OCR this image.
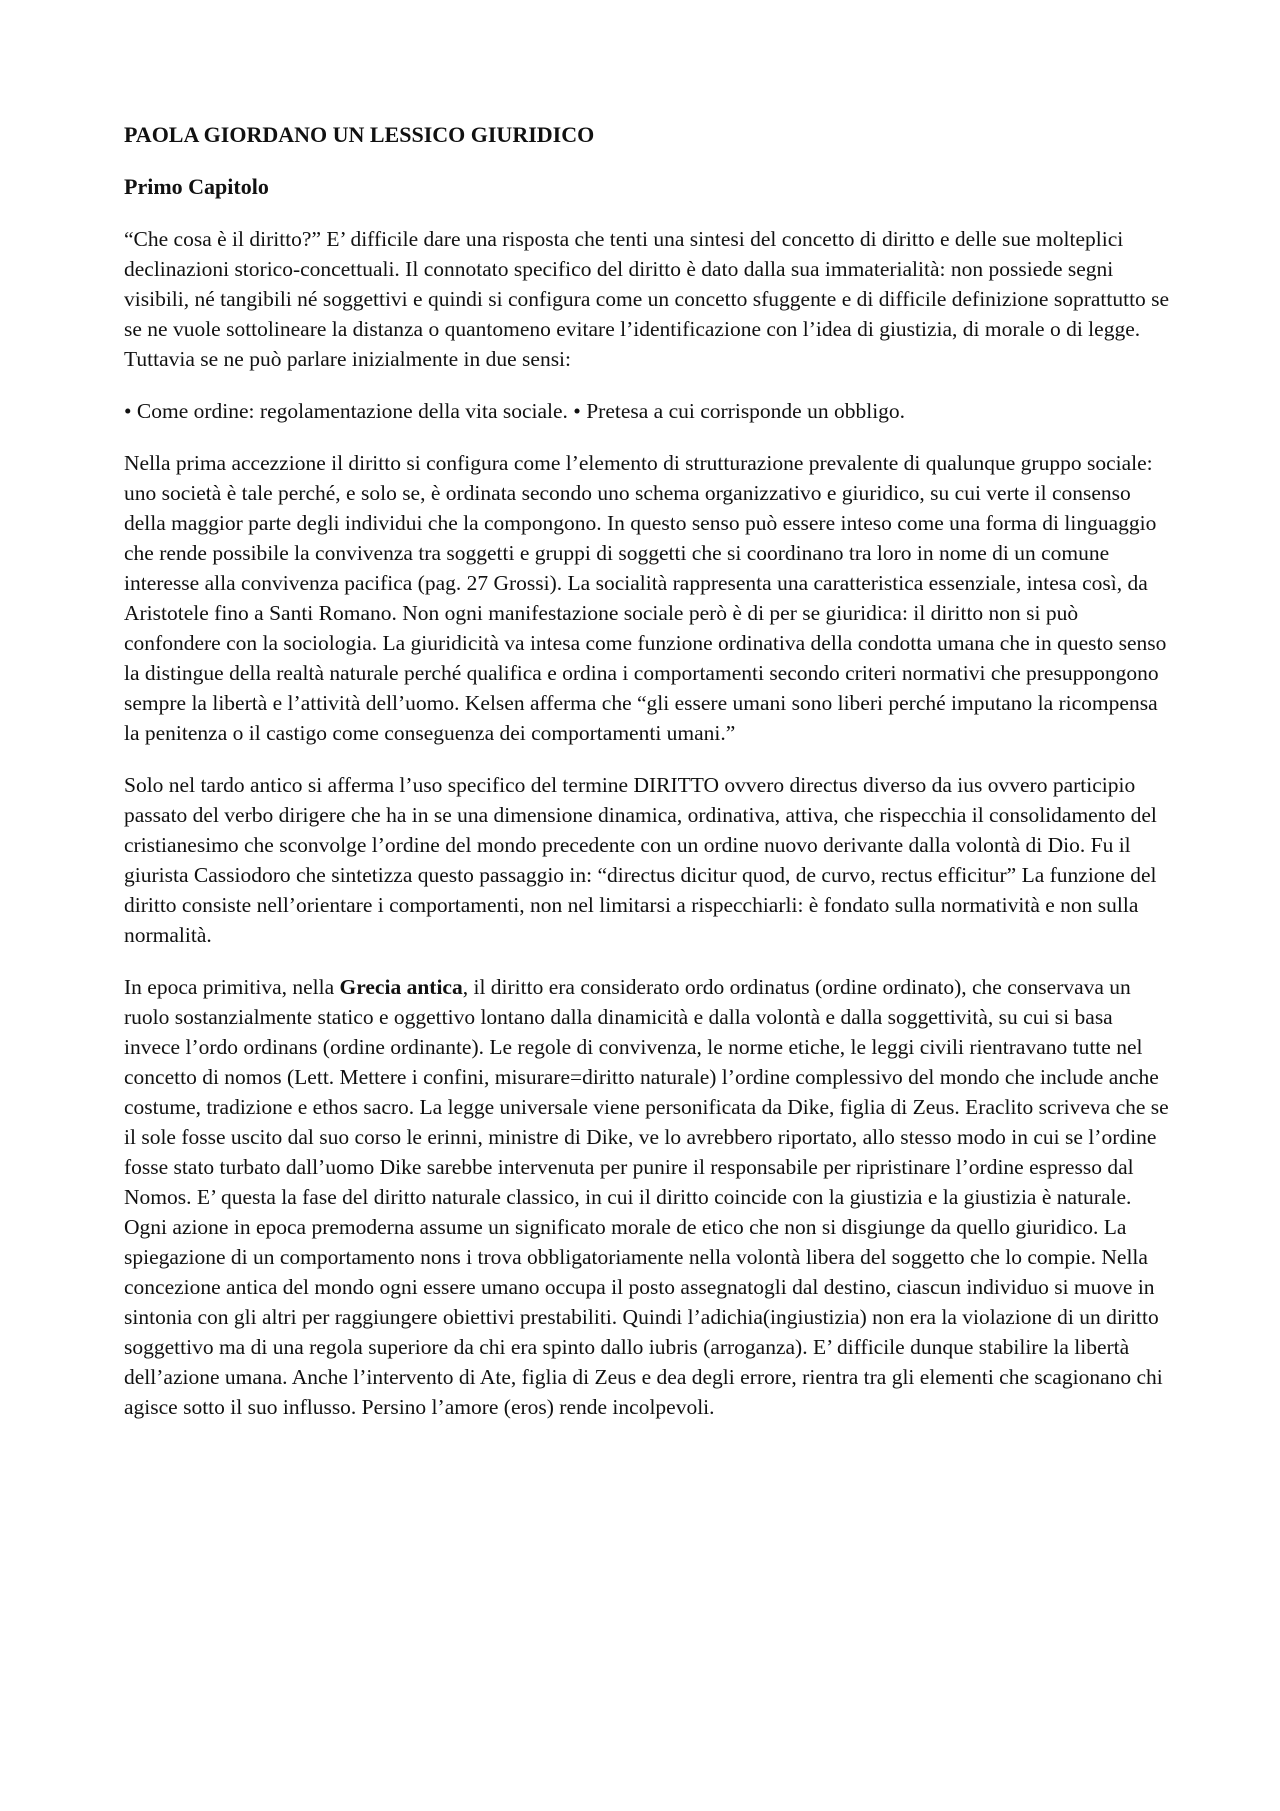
PAOLA GIORDANO UN LESSICO GIURIDICO
Primo Capitolo

“Che cosa è il diritto?” E’ difficile dare una risposta che tenti una sintesi del concetto di diritto e delle sue molteplici declinazioni storico-concettuali. Il connotato specifico del diritto è dato dalla sua immaterialità: non possiede segni visibili, né tangibili né soggettivi e quindi si configura come un concetto sfuggente e di difficile definizione soprattutto se se ne vuole sottolineare la distanza o quantomeno evitare l’identificazione con l’idea di giustizia, di morale o di legge. Tuttavia se ne può parlare inizialmente in due sensi:

• Come ordine: regolamentazione della vita sociale. • Pretesa a cui corrisponde un obbligo.

Nella prima accezzione il diritto si configura come l’elemento di strutturazione prevalente di qualunque gruppo sociale: uno società è tale perché, e solo se, è ordinata secondo uno schema organizzativo e giuridico, su cui verte il consenso della maggior parte degli individui che la compongono. In questo senso può essere inteso come una forma di linguaggio che rende possibile la convivenza tra soggetti e gruppi di soggetti che si coordinano tra loro in nome di un comune interesse alla convivenza pacifica (pag. 27 Grossi). La socialità rappresenta una caratteristica essenziale, intesa così, da Aristotele fino a Santi Romano. Non ogni manifestazione sociale però è di per se giuridica: il diritto non si può confondere con la sociologia. La giuridicità va intesa come funzione ordinativa della condotta umana che in questo senso la distingue della realtà naturale perché qualifica e ordina i comportamenti secondo criteri normativi che presuppongono sempre la libertà e l’attività dell’uomo. Kelsen afferma che “gli essere umani sono liberi perché imputano la ricompensa la penitenza o il castigo come conseguenza dei comportamenti umani.”

Solo nel tardo antico si afferma l’uso specifico del termine DIRITTO ovvero directus diverso da ius ovvero participio passato del verbo dirigere che ha in se una dimensione dinamica, ordinativa, attiva, che rispecchia il consolidamento del cristianesimo che sconvolge l’ordine del mondo precedente con un ordine nuovo derivante dalla volontà di Dio. Fu il giurista Cassiodoro che sintetizza questo passaggio in: “directus dicitur quod, de curvo, rectus efficitur” La funzione del diritto consiste nell’orientare i comportamenti, non nel limitarsi a rispecchiarli: è fondato sulla normatività e non sulla normalità.

In epoca primitiva, nella Grecia antica, il diritto era considerato ordo ordinatus (ordine ordinato), che conservava un ruolo sostanzialmente statico e oggettivo lontano dalla dinamicità e dalla volontà e dalla soggettività, su cui si basa invece l’ordo ordinans (ordine ordinante). Le regole di convivenza, le norme etiche, le leggi civili rientravano tutte nel concetto di nomos (Lett. Mettere i confini, misurare=diritto naturale) l’ordine complessivo del mondo che include anche costume, tradizione e ethos sacro. La legge universale viene personificata da Dike, figlia di Zeus. Eraclito scriveva che se il sole fosse uscito dal suo corso le erinni, ministre di Dike, ve lo avrebbero riportato, allo stesso modo in cui se l’ordine fosse stato turbato dall’uomo Dike sarebbe intervenuta per punire il responsabile per ripristinare l’ordine espresso dal Nomos. E’ questa la fase del diritto naturale classico, in cui il diritto coincide con la giustizia e la giustizia è naturale. Ogni azione in epoca premoderna assume un significato morale de etico che non si disgiunge da quello giuridico. La spiegazione di un comportamento nons i trova obbligatoriamente nella volontà libera del soggetto che lo compie. Nella concezione antica del mondo ogni essere umano occupa il posto assegnatogli dal destino, ciascun individuo si muove in sintonia con gli altri per raggiungere obiettivi prestabiliti. Quindi l’adichia(ingiustizia) non era la violazione di un diritto soggettivo ma di una regola superiore da chi era spinto dallo iubris (arroganza). E’ difficile dunque stabilire la libertà dell’azione umana. Anche l’intervento di Ate, figlia di Zeus e dea degli errore, rientra tra gli elementi che scagionano chi agisce sotto il suo influsso. Persino l’amore (eros) rende incolpevoli.
